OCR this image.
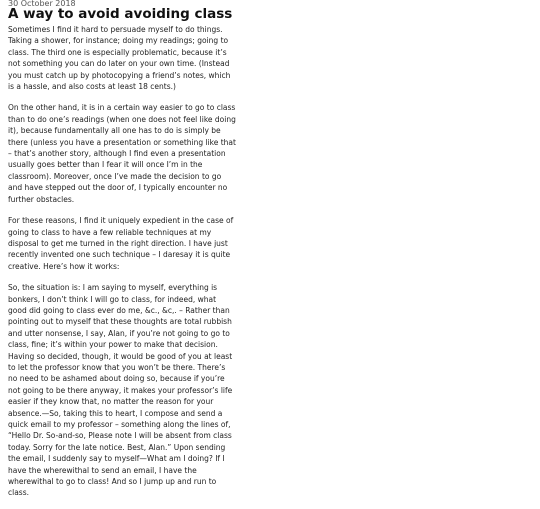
30 October 2018
A way to avoid avoiding class

Sometimes I find it hard to persuade myself to do things. Taking a shower, for instance; doing my readings; going to class. The third one is especially problematic, because it’s not something you can do later on your own time. (Instead you must catch up by photocopying a friend’s notes, which is a hassle, and also costs at least 18 cents.)

On the other hand, it is in a certain way easier to go to class than to do one’s readings (when one does not feel like doing it), because fundamentally all one has to do is simply be there (unless you have a presentation or something like that – that’s another story, although I find even a presentation usually goes better than I fear it will once I’m in the classroom). Moreover, once I’ve made the decision to go and have stepped out the door of, I typically encounter no further obstacles.

For these reasons, I find it uniquely expedient in the case of going to class to have a few reliable techniques at my disposal to get me turned in the right direction. I have just recently invented one such technique – I daresay it is quite creative. Here’s how it works:

So, the situation is: I am saying to myself, everything is bonkers, I don’t think I will go to class, for indeed, what good did going to class ever do me, &c., &c,. – Rather than pointing out to myself that these thoughts are total rubbish and utter nonsense, I say, Alan, if you’re not going to go to class, fine; it’s within your power to make that decision. Having so decided, though, it would be good of you at least to let the professor know that you won’t be there. There’s no need to be ashamed about doing so, because if you’re not going to be there anyway, it makes your professor’s life easier if they know that, no matter the reason for your absence.—So, taking this to heart, I compose and send a quick email to my professor – something along the lines of, “Hello Dr. So-and-so, Please note I will be absent from class today. Sorry for the late notice. Best, Alan.” Upon sending the email, I suddenly say to myself—What am I doing? If I have the wherewithal to send an email, I have the wherewithal to go to class! And so I jump up and run to class.
